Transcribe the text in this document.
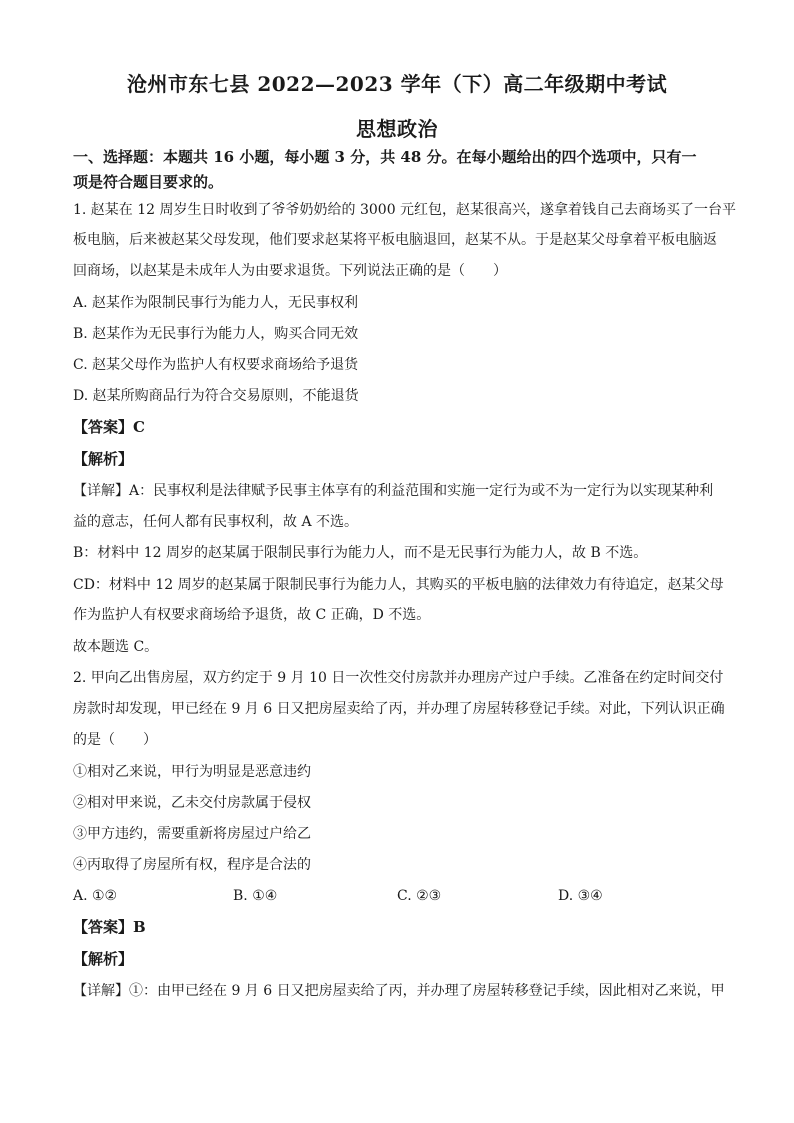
沧州市东七县 2022—2023 学年（下）高二年级期中考试
思想政治
一、选择题：本题共 16 小题，每小题 3 分，共 48 分。在每小题给出的四个选项中，只有一
项是符合题目要求的。
1. 赵某在 12 周岁生日时收到了爷爷奶奶给的 3000 元红包，赵某很高兴，遂拿着钱自己去商场买了一台平
板电脑，后来被赵某父母发现，他们要求赵某将平板电脑退回，赵某不从。于是赵某父母拿着平板电脑返
回商场，以赵某是未成年人为由要求退货。下列说法正确的是（　　）
A. 赵某作为限制民事行为能力人，无民事权利
B. 赵某作为无民事行为能力人，购买合同无效
C. 赵某父母作为监护人有权要求商场给予退货
D. 赵某所购商品行为符合交易原则，不能退货
【答案】C
【解析】
【详解】A：民事权利是法律赋予民事主体享有的利益范围和实施一定行为或不为一定行为以实现某种利
益的意志，任何人都有民事权利，故 A 不选。
B：材料中 12 周岁的赵某属于限制民事行为能力人，而不是无民事行为能力人，故 B 不选。
CD：材料中 12 周岁的赵某属于限制民事行为能力人，其购买的平板电脑的法律效力有待追定，赵某父母
作为监护人有权要求商场给予退货，故 C 正确，D 不选。
故本题选 C。
2. 甲向乙出售房屋，双方约定于 9 月 10 日一次性交付房款并办理房产过户手续。乙准备在约定时间交付
房款时却发现，甲已经在 9 月 6 日又把房屋卖给了丙，并办理了房屋转移登记手续。对此，下列认识正确
的是（　　）
①相对乙来说，甲行为明显是恶意违约
②相对甲来说，乙未交付房款属于侵权
③甲方违约，需要重新将房屋过户给乙
④丙取得了房屋所有权，程序是合法的
A. ①②	B. ①④	C. ②③	D. ③④
【答案】B
【解析】
【详解】①：由甲已经在 9 月 6 日又把房屋卖给了丙，并办理了房屋转移登记手续，因此相对乙来说，甲
